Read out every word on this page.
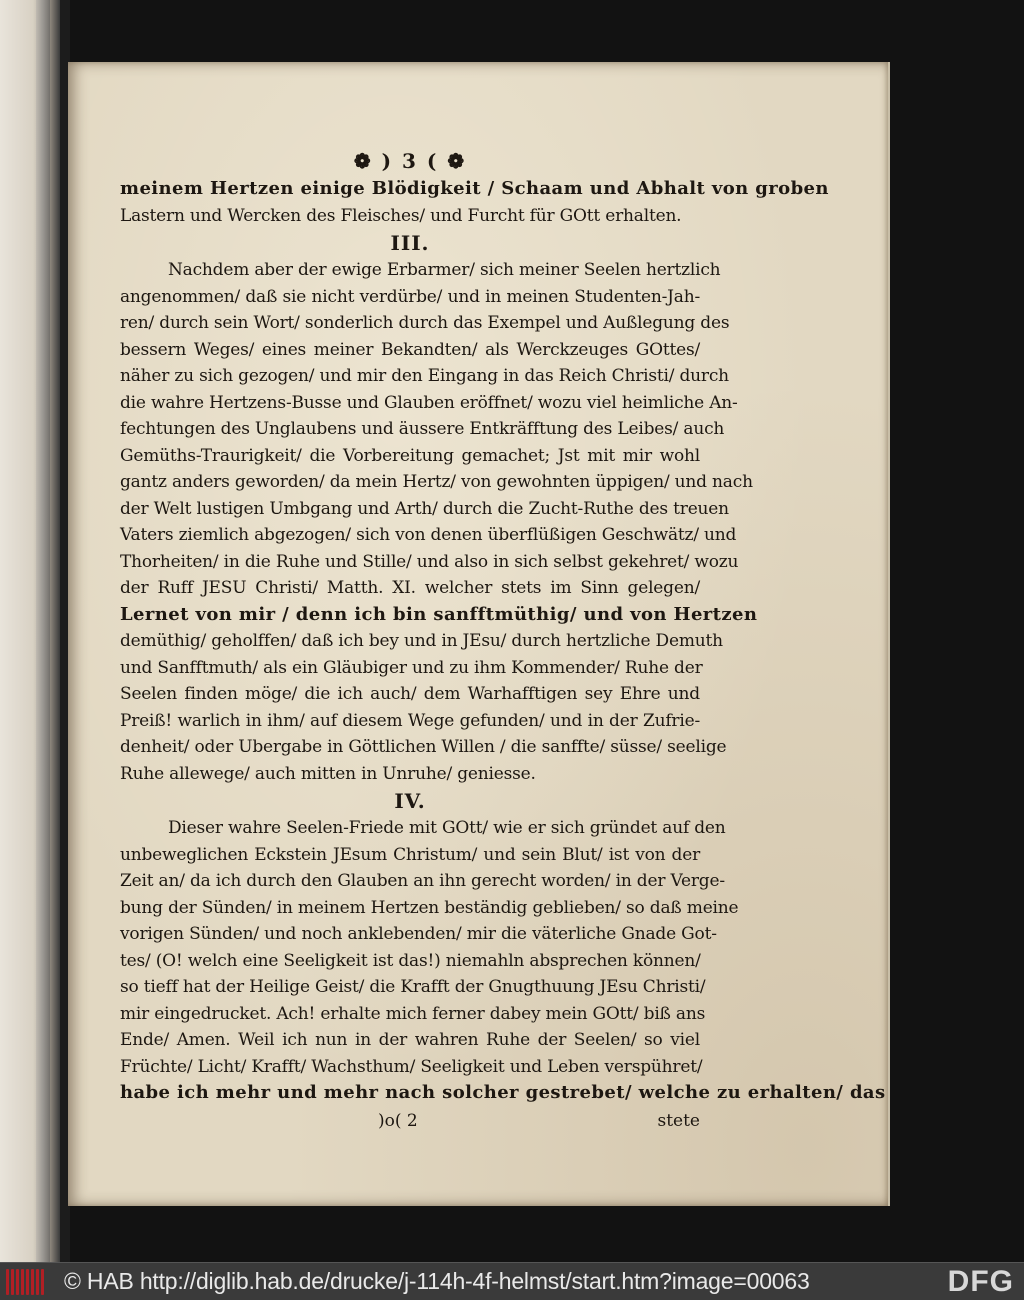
❁ ) 3 ( ❁
meinem Hertzen einige Blödigkeit / Schaam und Abhalt von groben
Lastern und Wercken des Fleisches/ und Furcht für GOtt erhalten.
III.
Nachdem aber der ewige Erbarmer/ sich meiner Seelen hertzlich
angenommen/ daß sie nicht verdürbe/ und in meinen Studenten-Jah-
ren/ durch sein Wort/ sonderlich durch das Exempel und Außlegung des
bessern Weges/ eines meiner Bekandten/ als Werckzeuges GOttes/
näher zu sich gezogen/ und mir den Eingang in das Reich Christi/ durch
die wahre Hertzens-Busse und Glauben eröffnet/ wozu viel heimliche An-
fechtungen des Unglaubens und äussere Entkräfftung des Leibes/ auch
Gemüths-Traurigkeit/ die Vorbereitung gemachet; Jst mit mir wohl
gantz anders geworden/ da mein Hertz/ von gewohnten üppigen/ und nach
der Welt lustigen Umbgang und Arth/ durch die Zucht-Ruthe des treuen
Vaters ziemlich abgezogen/ sich von denen überflüßigen Geschwätz/ und
Thorheiten/ in die Ruhe und Stille/ und also in sich selbst gekehret/ wozu
der Ruff JESU Christi/ Matth. XI. welcher stets im Sinn gelegen/
Lernet von mir / denn ich bin sanfftmüthig/ und von Hertzen
demüthig/ geholffen/ daß ich bey und in JEsu/ durch hertzliche Demuth
und Sanfftmuth/ als ein Gläubiger und zu ihm Kommender/ Ruhe der
Seelen finden möge/ die ich auch/ dem Warhafftigen sey Ehre und
Preiß! warlich in ihm/ auf diesem Wege gefunden/ und in der Zufrie-
denheit/ oder Ubergabe in Göttlichen Willen / die sanffte/ süsse/ seelige
Ruhe allewege/ auch mitten in Unruhe/ geniesse.
IV.
Dieser wahre Seelen-Friede mit GOtt/ wie er sich gründet auf den
unbeweglichen Eckstein JEsum Christum/ und sein Blut/ ist von der
Zeit an/ da ich durch den Glauben an ihn gerecht worden/ in der Verge-
bung der Sünden/ in meinem Hertzen beständig geblieben/ so daß meine
vorigen Sünden/ und noch anklebenden/ mir die väterliche Gnade Got-
tes/ (O! welch eine Seeligkeit ist das!) niemahln absprechen können/
so tieff hat der Heilige Geist/ die Krafft der Gnugthuung JEsu Christi/
mir eingedrucket. Ach! erhalte mich ferner dabey mein GOtt/ biß ans
Ende/ Amen. Weil ich nun in der wahren Ruhe der Seelen/ so viel
Früchte/ Licht/ Krafft/ Wachsthum/ Seeligkeit und Leben verspühret/
habe ich mehr und mehr nach solcher gestrebet/ welche zu erhalten/ das
)o( 2	stete
© HAB http://diglib.hab.de/drucke/j-114h-4f-helmst/start.htm?image=00063	DFG
